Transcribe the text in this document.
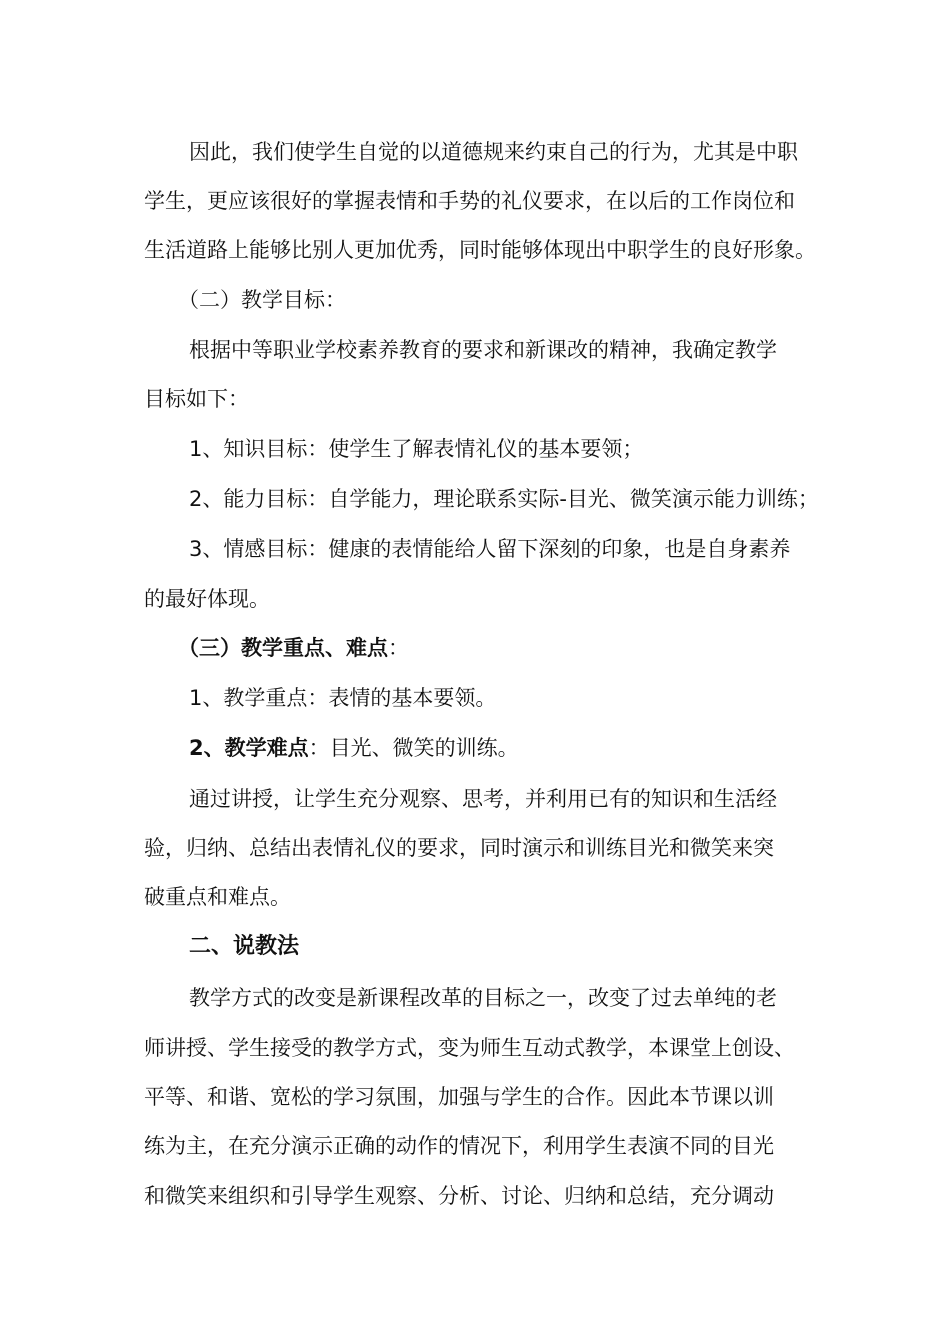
因此，我们使学生自觉的以道德规来约束自己的行为，尤其是中职
学生，更应该很好的掌握表情和手势的礼仪要求，在以后的工作岗位和
生活道路上能够比别人更加优秀，同时能够体现出中职学生的良好形象。
（二）教学目标：
根据中等职业学校素养教育的要求和新课改的精神，我确定教学
目标如下：
1、知识目标：使学生了解表情礼仪的基本要领；
2、能力目标：自学能力，理论联系实际-目光、微笑演示能力训练；
3、情感目标：健康的表情能给人留下深刻的印象，也是自身素养
的最好体现。
（三）教学重点、难点：
1、教学重点：表情的基本要领。
2、教学难点：目光、微笑的训练。
通过讲授，让学生充分观察、思考，并利用已有的知识和生活经
验，归纳、总结出表情礼仪的要求，同时演示和训练目光和微笑来突
破重点和难点。
二、说教法
教学方式的改变是新课程改革的目标之一，改变了过去单纯的老
师讲授、学生接受的教学方式，变为师生互动式教学，本课堂上创设、
平等、和谐、宽松的学习氛围，加强与学生的合作。因此本节课以训
练为主，在充分演示正确的动作的情况下，利用学生表演不同的目光
和微笑来组织和引导学生观察、分析、讨论、归纳和总结，充分调动
